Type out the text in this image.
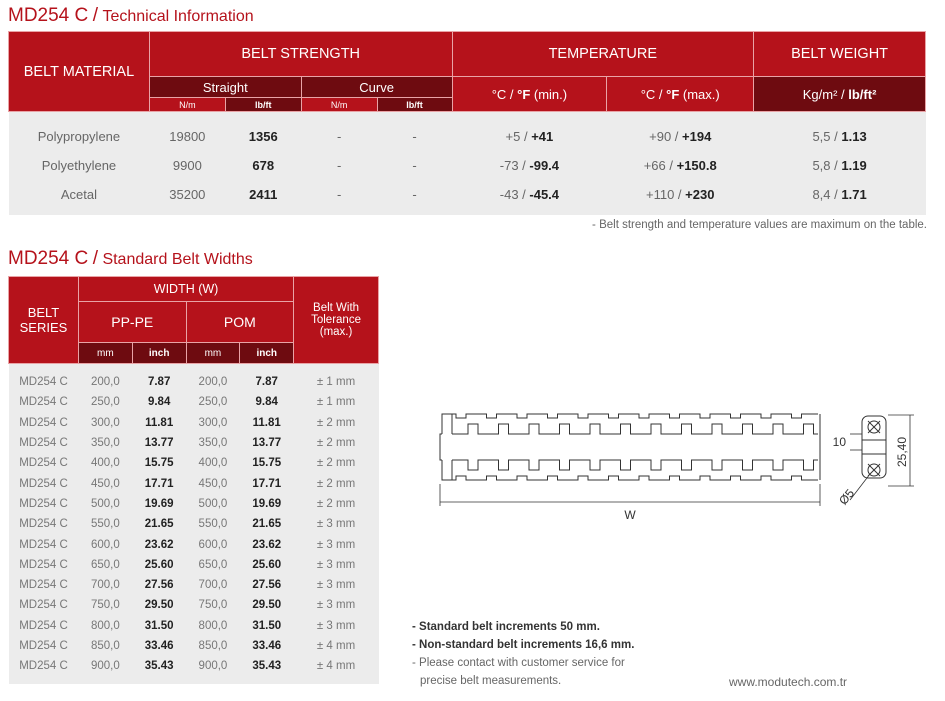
MD254 C / Technical Information
BELT MATERIAL	BELT STRENGTH				TEMPERATURE		BELT WEIGHT
	Straight		Curve		°C / °F (min.)	°C / °F (max.)	Kg/m² / lb/ft²
	N/m	lb/ft	N/m	lb/ft			
Polypropylene	19800	1356	-	-	+5 / +41	+90 / +194	5,5 / 1.13
Polyethylene	9900	678	-	-	-73 / -99.4	+66 / +150.8	5,8 / 1.19
Acetal	35200	2411	-	-	-43 / -45.4	+110 / +230	8,4 / 1.71
- Belt strength and temperature values are maximum on the table.
MD254 C / Standard Belt Widths
BELT SERIES	WIDTH (W)				Belt With Tolerance (max.)
	PP-PE		POM		
	mm	inch	mm	inch	
MD254 C	200,0	7.87	200,0	7.87	± 1 mm
MD254 C	250,0	9.84	250,0	9.84	± 1 mm
MD254 C	300,0	11.81	300,0	11.81	± 2 mm
MD254 C	350,0	13.77	350,0	13.77	± 2 mm
MD254 C	400,0	15.75	400,0	15.75	± 2 mm
MD254 C	450,0	17.71	450,0	17.71	± 2 mm
MD254 C	500,0	19.69	500,0	19.69	± 2 mm
MD254 C	550,0	21.65	550,0	21.65	± 3 mm
MD254 C	600,0	23.62	600,0	23.62	± 3 mm
MD254 C	650,0	25.60	650,0	25.60	± 3 mm
MD254 C	700,0	27.56	700,0	27.56	± 3 mm
MD254 C	750,0	29.50	750,0	29.50	± 3 mm
MD254 C	800,0	31.50	800,0	31.50	± 3 mm
MD254 C	850,0	33.46	850,0	33.46	± 4 mm
MD254 C	900,0	35.43	900,0	35.43	± 4 mm
W
10	25,40
Ø5
- Standard belt increments 50 mm.
- Non-standard belt increments 16,6 mm.
- Please contact with customer service for
precise belt measurements.	www.modutech.com.tr
